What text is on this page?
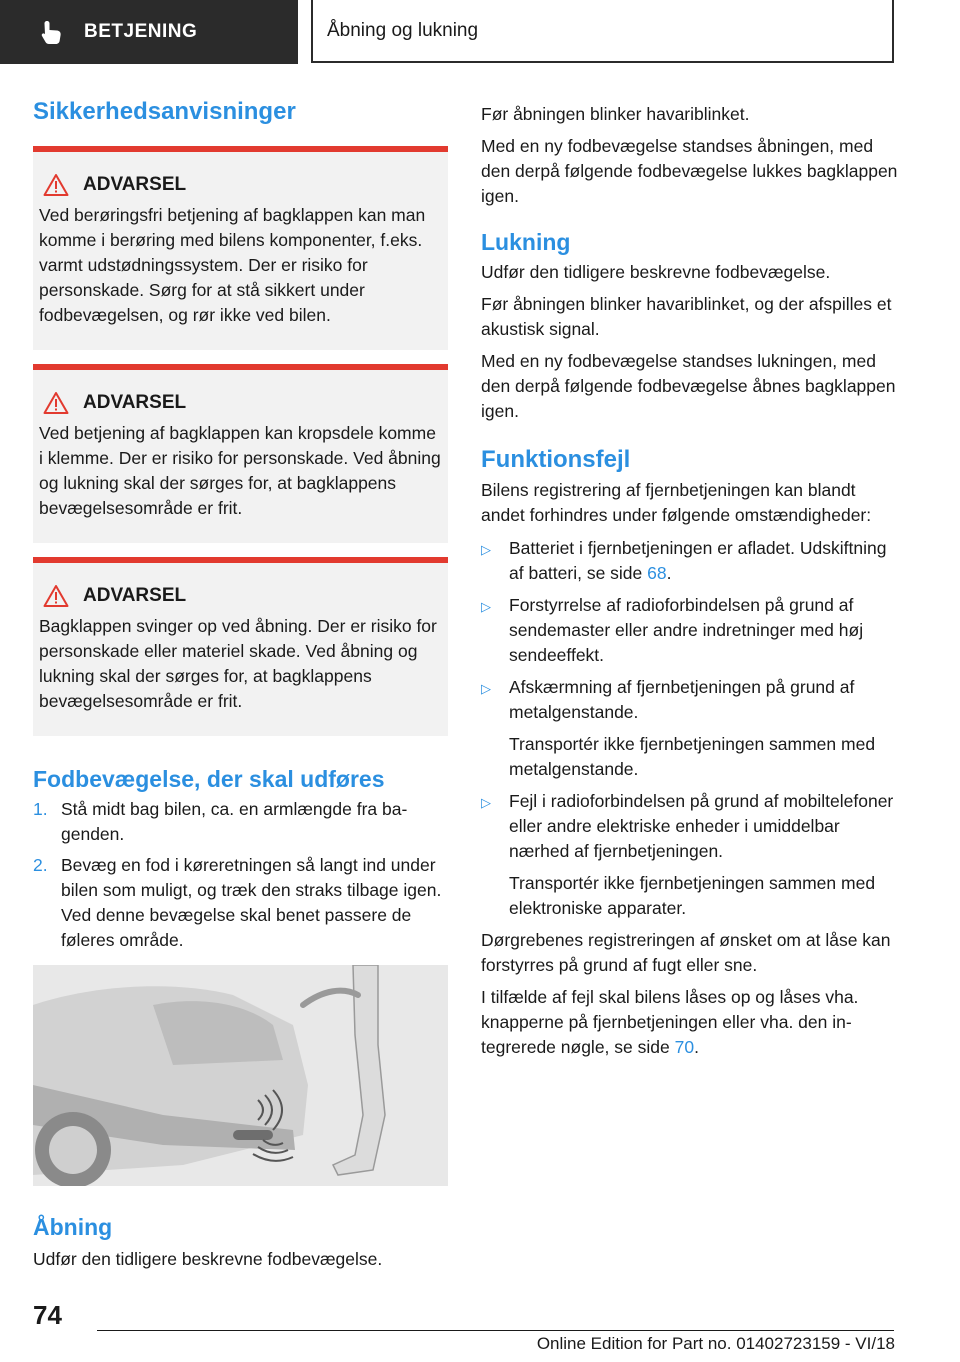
BETJENING	Åbning og lukning
Sikkerhedsanvisninger
ADVARSEL
Ved berøringsfri betjening af bagklappen kan man komme i berøring med bilens komponenter, f.eks. varmt udstødningssystem. Der er risiko for personskade. Sørg for at stå sikkert under fodbevægelsen, og rør ikke ved bilen.
ADVARSEL
Ved betjening af bagklappen kan kropsdele komme i klemme. Der er risiko for personskade. Ved åbning og lukning skal der sørges for, at bagklappens bevægelsesområde er frit.
ADVARSEL
Bagklappen svinger op ved åbning. Der er risiko for personskade eller materiel skade. Ved åbning og lukning skal der sørges for, at bagklappens bevægelsesområde er frit.
Fodbevægelse, der skal udføres
1. Stå midt bag bilen, ca. en armlængde fra bagenden.
2. Bevæg en fod i køreretningen så langt ind under bilen som muligt, og træk den straks tilbage igen. Ved denne bevægelse skal benet passere de føleres område.
Åbning

Udfør den tidligere beskrevne fodbevægelse.

Før åbningen blinker havariblinket.

Med en ny fodbevægelse standses åbningen, med den derpå følgende fodbevægelse lukkes bagklappen igen.

Lukning

Udfør den tidligere beskrevne fodbevægelse.

Før åbningen blinker havariblinket, og der afspilles et akustisk signal.

Med en ny fodbevægelse standses lukningen, med den derpå følgende fodbevægelse åbnes bagklappen igen.

Funktionsfejl

Bilens registrering af fjernbetjeningen kan blandt andet forhindres under følgende omstændigheder:

▷	Batteriet i fjernbetjeningen er afladet. Udskiftning af batteri, se side 68.
▷	Forstyrrelse af radioforbindelsen på grund af sendemaster eller andre indretninger med høj sendeeffekt.
▷	Afskærmning af fjernbetjeningen på grund af metalgenstande.
Transportér ikke fjernbetjeningen sammen med metalgenstande.
▷	Fejl i radioforbindelsen på grund af mobiltelefoner eller andre elektriske enheder i umiddelbar nærhed af fjernbetjeningen.
Transportér ikke fjernbetjeningen sammen med elektroniske apparater.

Dørgrebenes registreringen af ønsket om at låse kan forstyrres på grund af fugt eller sne.

I tilfælde af fejl skal bilens låses op og låses vha. knapperne på fjernbetjeningen eller vha. den integrerede nøgle, se side 70.

74
Online Edition for Part no. 01402723159 - VI/18
